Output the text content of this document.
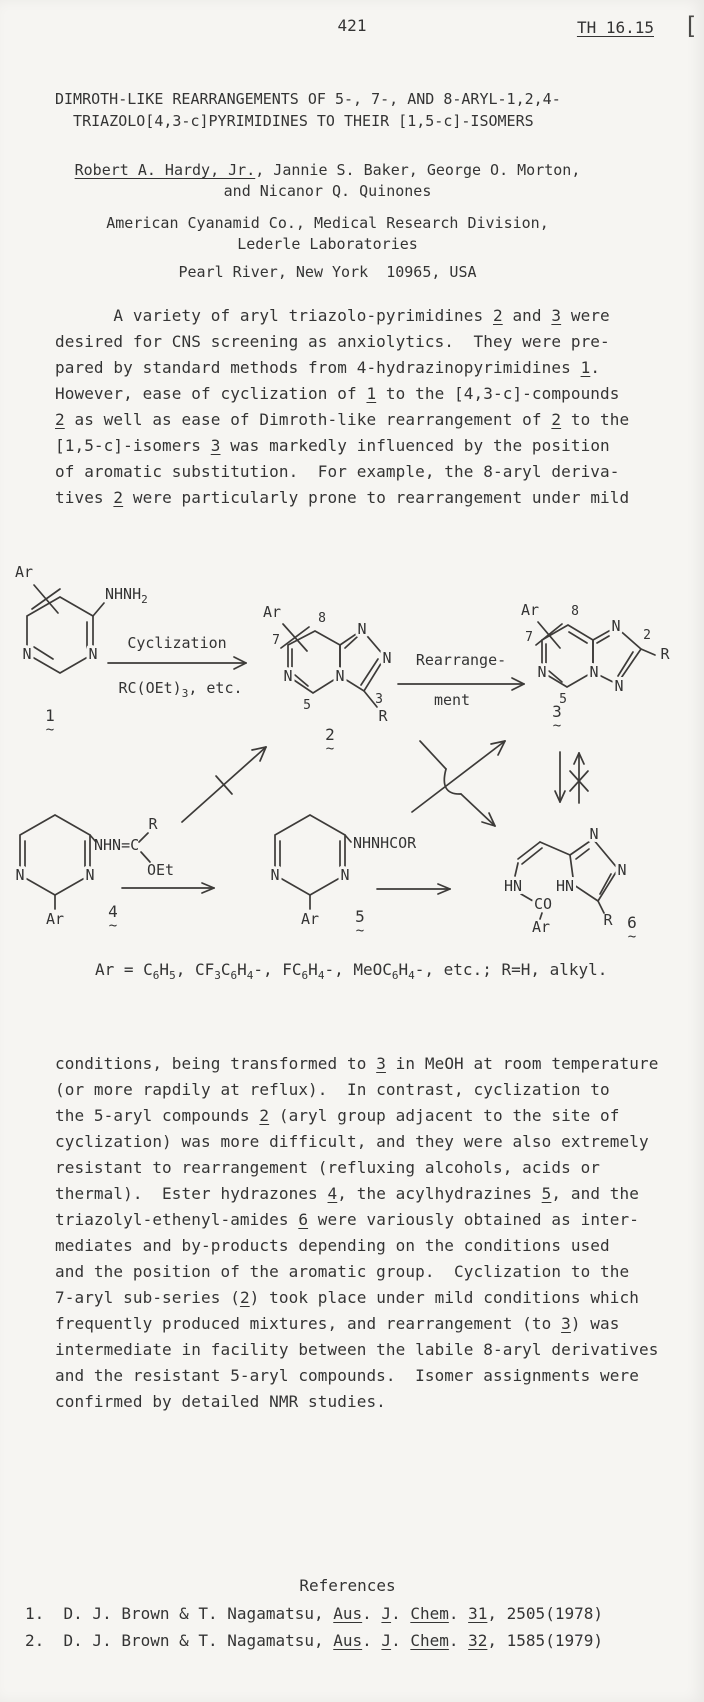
421	TH 16.15 [
DIMROTH-LIKE REARRANGEMENTS OF 5-, 7-, AND 8-ARYL-1,2,4-
TRIAZOLO[4,3-c]PYRIMIDINES TO THEIR [1,5-c]-ISOMERS
Robert A. Hardy, Jr., Jannie S. Baker, George O. Morton,
and Nicanor Q. Quinones
American Cyanamid Co., Medical Research Division,
Lederle Laboratories
Pearl River, New York  10965, USA
A variety of aryl triazolo-pyrimidines 2 and 3 were
desired for CNS screening as anxiolytics.  They were pre-
pared by standard methods from 4-hydrazinopyrimidines 1.
However, ease of cyclization of 1 to the [4,3-c]-compounds
2 as well as ease of Dimroth-like rearrangement of 2 to the
[1,5-c]-isomers 3 was markedly influenced by the position
of aromatic substitution.  For example, the 8-aryl deriva-
tives 2 were particularly prone to rearrangement under mild
N	N
Ar
1
~
Cyclization
N	N
N
N
Ar	8
7
5	3
R
2
~
Rearrange-
ment
N	N
N
N
Ar 8
7
5
2
R
3
~
N	N
NHN=C
R
OEt
Ar	4
~
N	N
NHNHCOR
Ar 5
~
HN
CO
Ar
HN
N
N
R 6
~
$NHNH_2$
$RC(OEt)_3$, etc.
$Ar = C_6H_5$, $CF_3C_6H_4-$, $FC_6H_4-$, $MeOC_6H_4-$, etc.; R=H, alkyl.
conditions, being transformed to 3 in MeOH at room temperature
(or more rapdily at reflux).  In contrast, cyclization to
the 5-aryl compounds 2 (aryl group adjacent to the site of
cyclization) was more difficult, and they were also extremely
resistant to rearrangement (refluxing alcohols, acids or
thermal).  Ester hydrazones 4, the acylhydrazines 5, and the
triazolyl-ethenyl-amides 6 were variously obtained as inter-
mediates and by-products depending on the conditions used
and the position of the aromatic group.  Cyclization to the
7-aryl sub-series (2) took place under mild conditions which
frequently produced mixtures, and rearrangement (to 3) was
intermediate in facility between the labile 8-aryl derivatives
and the resistant 5-aryl compounds.  Isomer assignments were
confirmed by detailed NMR studies.
References
1.  D. J. Brown & T. Nagamatsu, Aus. J. Chem. 31, 2505(1978)
2.  D. J. Brown & T. Nagamatsu, Aus. J. Chem. 32, 1585(1979)
